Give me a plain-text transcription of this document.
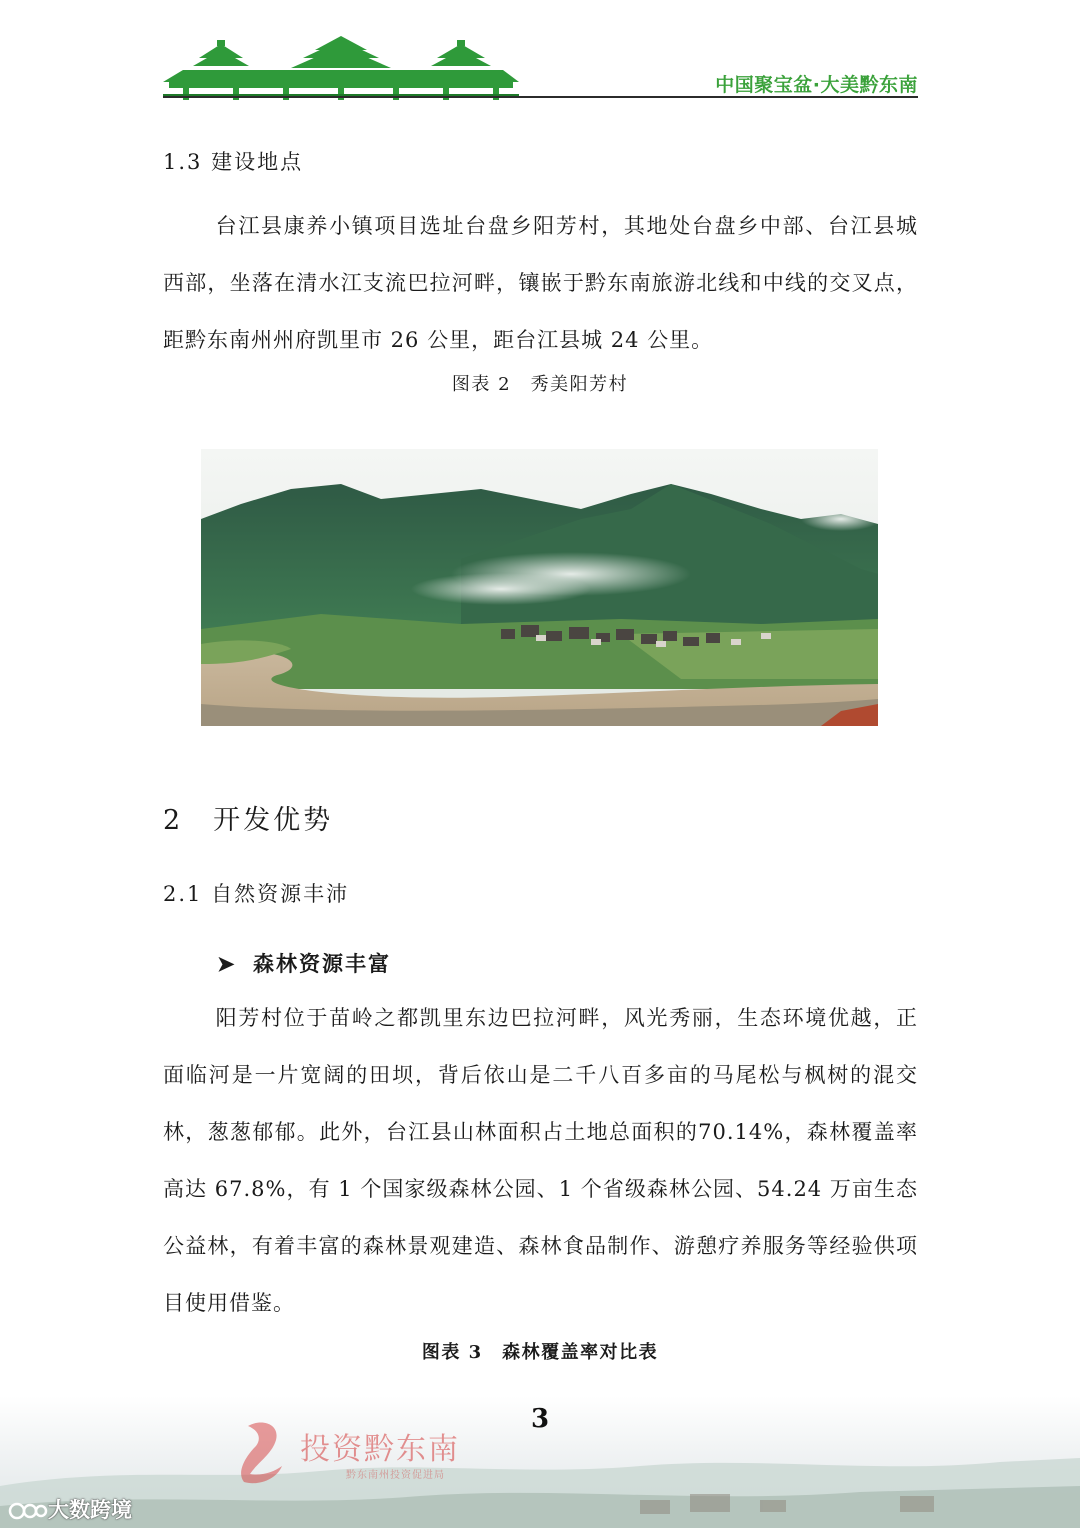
中国聚宝盆·大美黔东南
1.3 建设地点
台江县康养小镇项目选址台盘乡阳芳村，其地处台盘乡中部、台江县城西部，坐落在清水江支流巴拉河畔，镶嵌于黔东南旅游北线和中线的交叉点，距黔东南州州府凯里市 26 公里，距台江县城 24 公里。
图表 2　秀美阳芳村
2　开发优势
2.1 自然资源丰沛
➤ 森林资源丰富
阳芳村位于苗岭之都凯里东边巴拉河畔，风光秀丽，生态环境优越，正面临河是一片宽阔的田坝，背后依山是二千八百多亩的马尾松与枫树的混交林，葱葱郁郁。此外，台江县山林面积占土地总面积的70.14%，森林覆盖率高达 67.8%，有 1 个国家级森林公园、1 个省级森林公园、54.24 万亩生态公益林，有着丰富的森林景观建造、森林食品制作、游憩疗养服务等经验供项目使用借鉴。
图表 3　森林覆盖率对比表
投资黔东南
黔东南州投资促进局
3
大数跨境
